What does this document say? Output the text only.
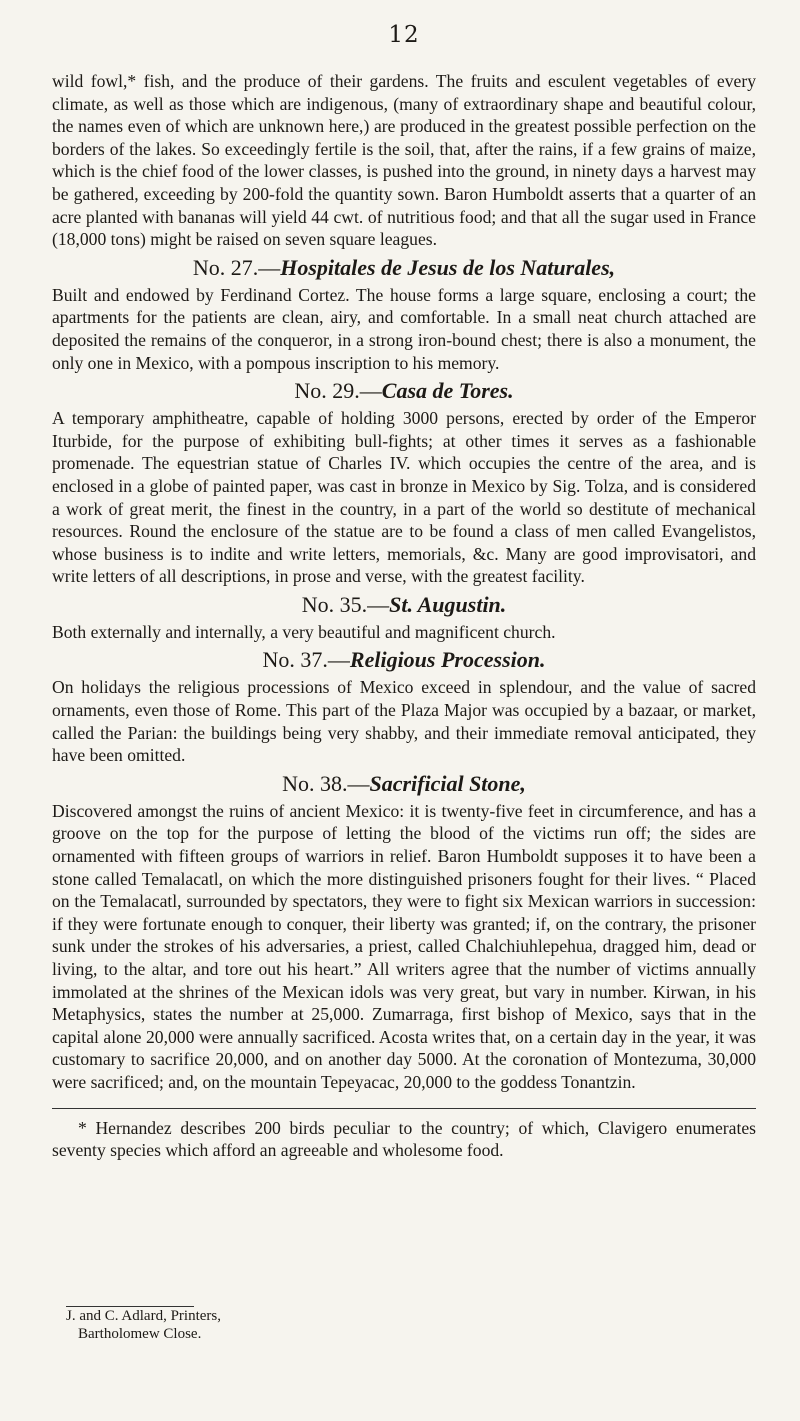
12

wild fowl,* fish, and the produce of their gardens. The fruits and esculent vegetables of every climate, as well as those which are indigenous, (many of extraordinary shape and beautiful colour, the names even of which are unknown here,) are produced in the greatest possible perfection on the borders of the lakes. So exceedingly fertile is the soil, that, after the rains, if a few grains of maize, which is the chief food of the lower classes, is pushed into the ground, in ninety days a harvest may be gathered, exceeding by 200-fold the quantity sown. Baron Humboldt asserts that a quarter of an acre planted with bananas will yield 44 cwt. of nutritious food; and that all the sugar used in France (18,000 tons) might be raised on seven square leagues.

No. 27.—Hospitales de Jesus de los Naturales,

Built and endowed by Ferdinand Cortez. The house forms a large square, enclosing a court; the apartments for the patients are clean, airy, and comfortable. In a small neat church attached are deposited the remains of the conqueror, in a strong iron-bound chest; there is also a monument, the only one in Mexico, with a pompous inscription to his memory.

No. 29.—Casa de Tores.

A temporary amphitheatre, capable of holding 3000 persons, erected by order of the Emperor Iturbide, for the purpose of exhibiting bull-fights; at other times it serves as a fashionable promenade. The equestrian statue of Charles IV. which occupies the centre of the area, and is enclosed in a globe of painted paper, was cast in bronze in Mexico by Sig. Tolza, and is considered a work of great merit, the finest in the country, in a part of the world so destitute of mechanical resources. Round the enclosure of the statue are to be found a class of men called Evangelistos, whose business is to indite and write letters, memorials, &c. Many are good improvisatori, and write letters of all descriptions, in prose and verse, with the greatest facility.

No. 35.—St. Augustin.

Both externally and internally, a very beautiful and magnificent church.

No. 37.—Religious Procession.

On holidays the religious processions of Mexico exceed in splendour, and the value of sacred ornaments, even those of Rome. This part of the Plaza Major was occupied by a bazaar, or market, called the Parian: the buildings being very shabby, and their immediate removal anticipated, they have been omitted.

No. 38.—Sacrificial Stone,

Discovered amongst the ruins of ancient Mexico: it is twenty-five feet in circumference, and has a groove on the top for the purpose of letting the blood of the victims run off; the sides are ornamented with fifteen groups of warriors in relief. Baron Humboldt supposes it to have been a stone called Temalacatl, on which the more distinguished prisoners fought for their lives. “ Placed on the Temalacatl, surrounded by spectators, they were to fight six Mexican warriors in succession: if they were fortunate enough to conquer, their liberty was granted; if, on the contrary, the prisoner sunk under the strokes of his adversaries, a priest, called Chalchiuhlepehua, dragged him, dead or living, to the altar, and tore out his heart.” All writers agree that the number of victims annually immolated at the shrines of the Mexican idols was very great, but vary in number. Kirwan, in his Metaphysics, states the number at 25,000. Zumarraga, first bishop of Mexico, says that in the capital alone 20,000 were annually sacrificed. Acosta writes that, on a certain day in the year, it was customary to sacrifice 20,000, and on another day 5000. At the coronation of Montezuma, 30,000 were sacrificed; and, on the mountain Tepeyacac, 20,000 to the goddess Tonantzin.

* Hernandez describes 200 birds peculiar to the country; of which, Clavigero enumerates seventy species which afford an agreeable and wholesome food.

J. and C. Adlard, Printers,
Bartholomew Close.
